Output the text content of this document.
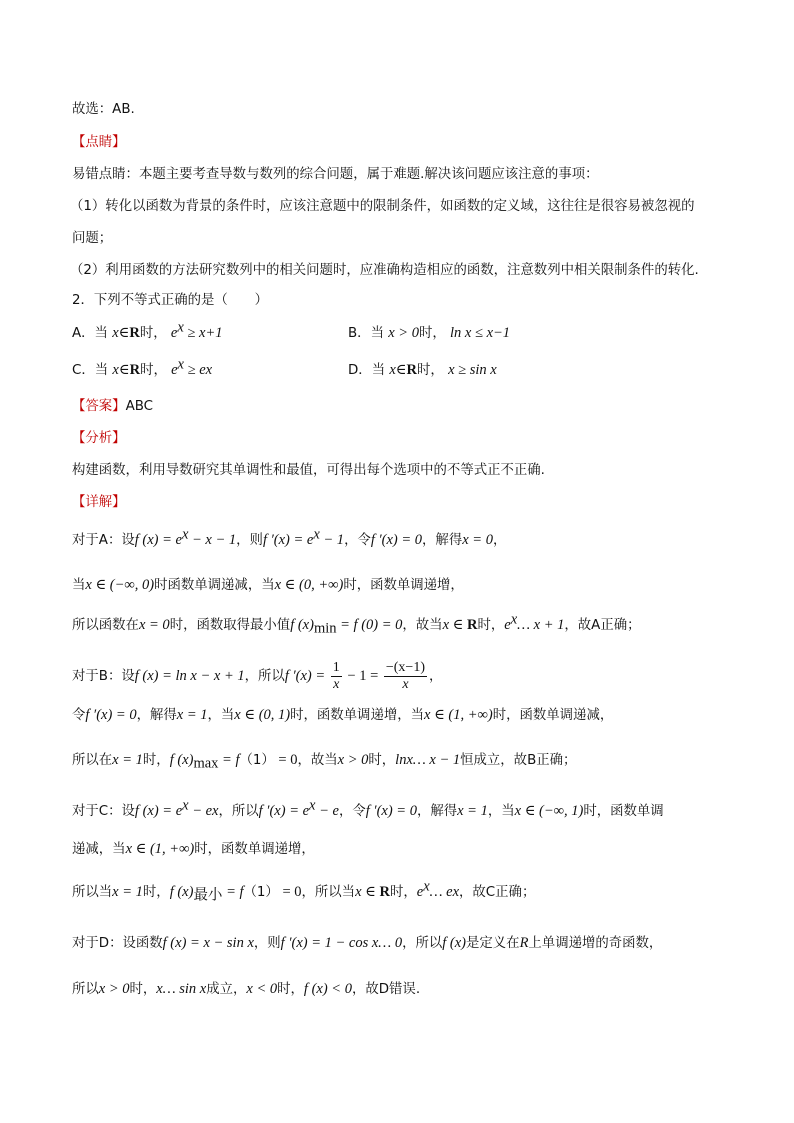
故选：AB.
【点睛】
易错点睛：本题主要考查导数与数列的综合问题，属于难题.解决该问题应该注意的事项：
（1）转化以函数为背景的条件时，应该注意题中的限制条件，如函数的定义域，这往往是很容易被忽视的
问题；
（2）利用函数的方法研究数列中的相关问题时，应准确构造相应的函数，注意数列中相关限制条件的转化.
2．下列不等式正确的是（　　）
A．当 x∈R时， $e^x \ge x+1$	B．当 x > 0时， ln x ≤ x−1
C．当 x∈R时， $e^x$ ≥ ex	D．当 x∈R时， x ≥ sin x
【答案】ABC
【分析】
构建函数，利用导数研究其单调性和最值，可得出每个选项中的不等式正不正确.
【详解】
对于A：设f $(x) = e^x - x - 1$，则f $'(x) = e^x - 1$，令f ′(x) = 0，解得x = 0，
当x ∈ (−∞, 0)时函数单调递减，当x ∈ (0, +∞)时，函数单调递增，
所以函数在x = 0时，函数取得最小值f $(x)_{min} = f$ (0) = 0，故当x ∈ R时，$e^x\dots$ x + 1，故A正确；
对于B：设f (x) = ln x − x + 1，所以f $'(x) = \frac{1}{x} - 1 = \frac{-(x-1)}{x}$ ，
令f ′(x) = 0，解得x = 1，当x ∈ (0, 1)时，函数单调递增，当x ∈ (1, +∞)时，函数单调递减，
所以在x = 1时，f $(x)_{max} = f(1) = 0$，故当x > 0时，lnx… x − 1恒成立，故B正确；
对于C：设f $(x) = e^x$ − ex，所以f $'(x) = e^x - e$，令f ′(x) = 0，解得x = 1，当x ∈ (−∞, 1)时，函数单调
递减，当x ∈ (1, +∞)时，函数单调递增，
所以当x = 1时，f $(x)_{最小} = f(1) = 0$，所以当x ∈ R时，$e^x\dots$ ex，故C正确；
对于D：设函数f (x) = x − sin x，则f ′(x) = 1 − cos x… 0，所以f (x)是定义在R上单调递增的奇函数，
所以x > 0时，x… sin x成立，x < 0时，f (x) < 0，故D错误.
